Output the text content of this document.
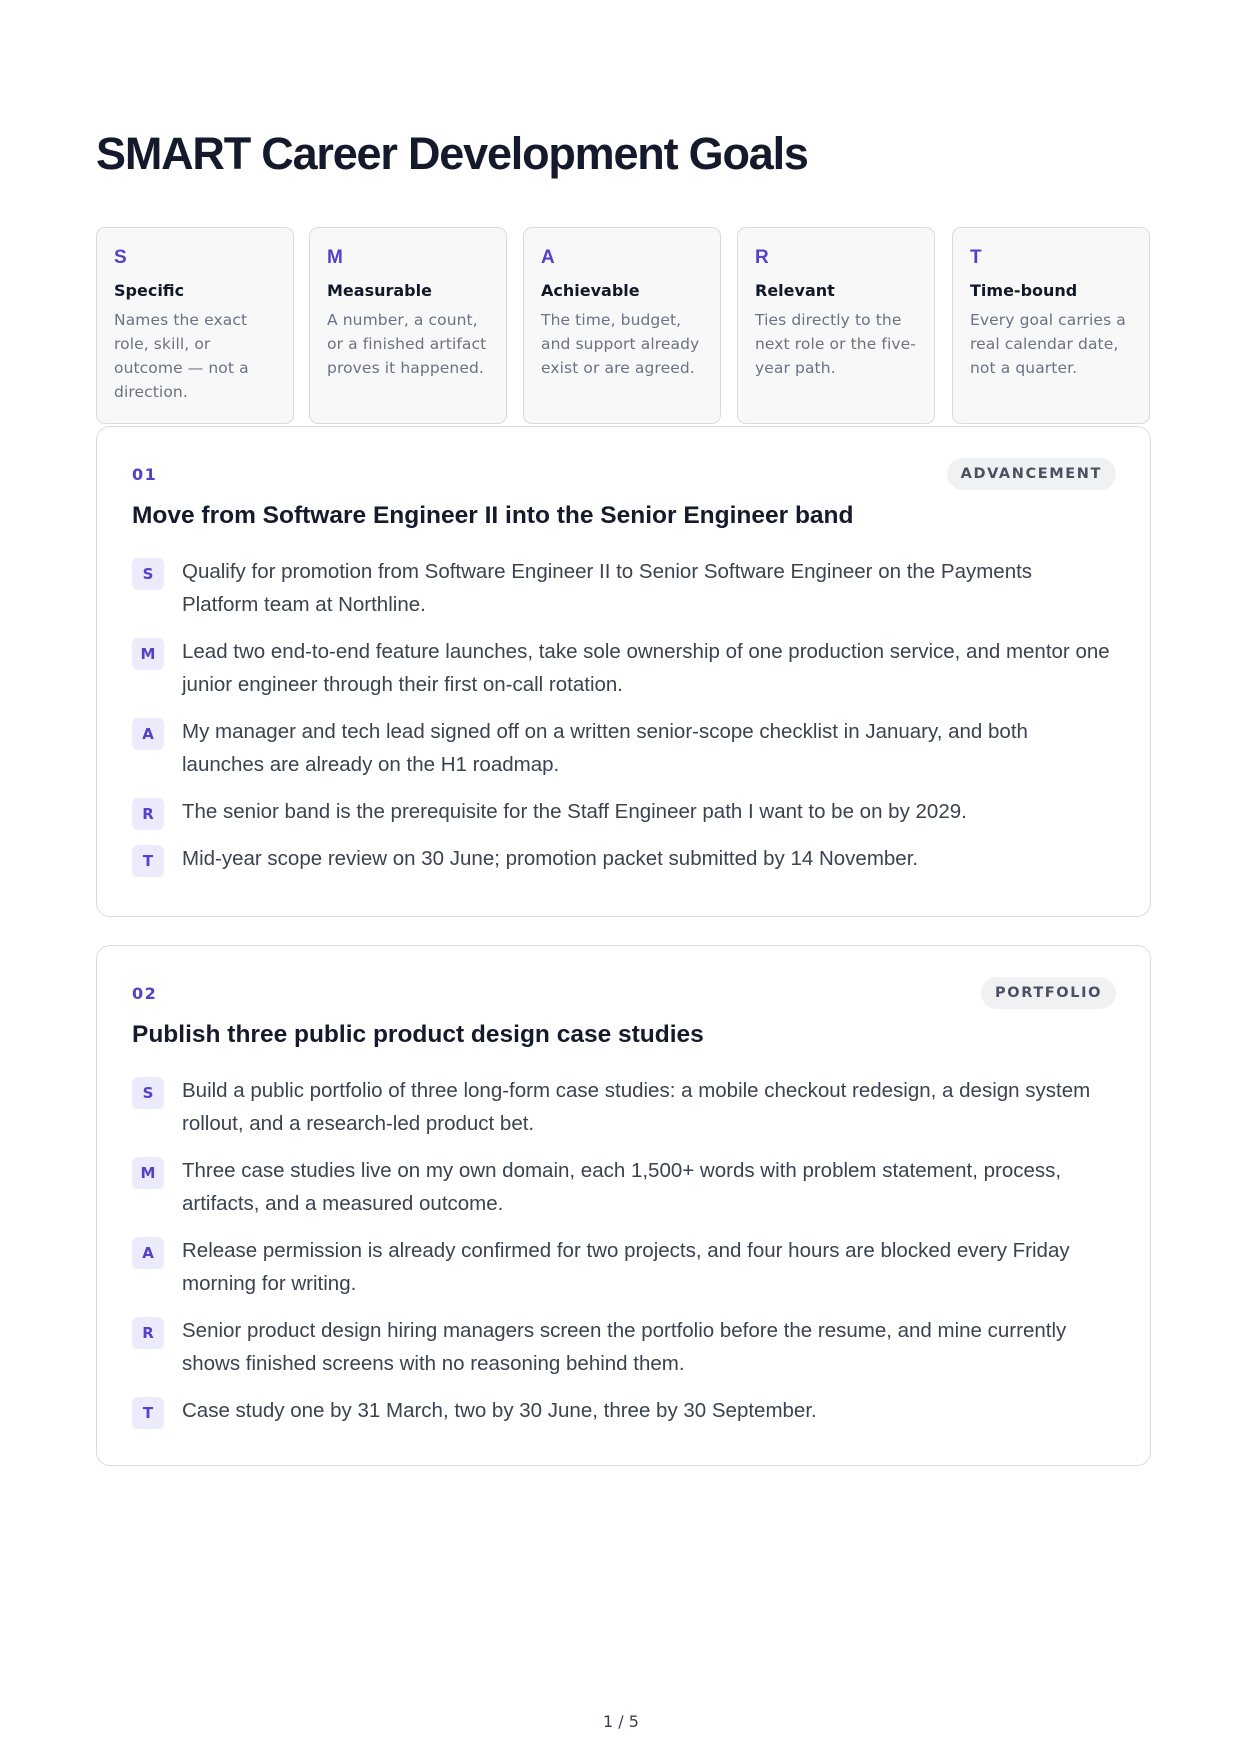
SMART Career Development Goals
S
Specific
Names the exact role, skill, or outcome — not a direction.
M
Measurable
A number, a count, or a finished artifact proves it happened.
A
Achievable
The time, budget, and support already exist or are agreed.
R
Relevant
Ties directly to the next role or the five-year path.
T
Time-bound
Every goal carries a real calendar date, not a quarter.
01	ADVANCEMENT
Move from Software Engineer II into the Senior Engineer band
S	Qualify for promotion from Software Engineer II to Senior Software Engineer on the Payments Platform team at Northline.
M	Lead two end-to-end feature launches, take sole ownership of one production service, and mentor one junior engineer through their first on-call rotation.
A	My manager and tech lead signed off on a written senior-scope checklist in January, and both launches are already on the H1 roadmap.
R	The senior band is the prerequisite for the Staff Engineer path I want to be on by 2029.
T	Mid-year scope review on 30 June; promotion packet submitted by 14 November.
02	PORTFOLIO
Publish three public product design case studies
S	Build a public portfolio of three long-form case studies: a mobile checkout redesign, a design system rollout, and a research-led product bet.
M	Three case studies live on my own domain, each 1,500+ words with problem statement, process, artifacts, and a measured outcome.
A	Release permission is already confirmed for two projects, and four hours are blocked every Friday morning for writing.
R	Senior product design hiring managers screen the portfolio before the resume, and mine currently shows finished screens with no reasoning behind them.
T	Case study one by 31 March, two by 30 June, three by 30 September.
1 / 5
